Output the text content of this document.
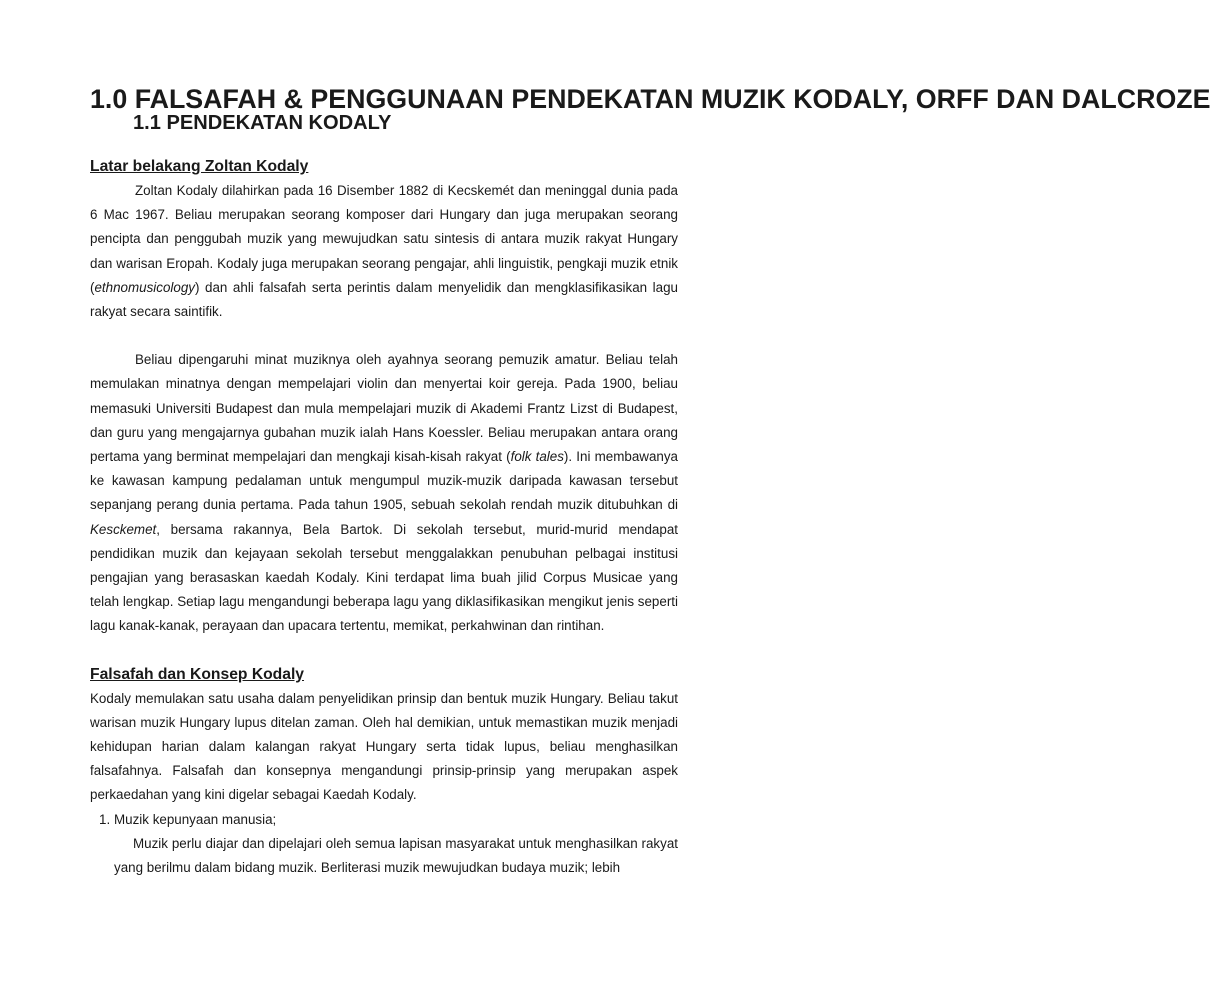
1.0 FALSAFAH & PENGGUNAAN PENDEKATAN MUZIK KODALY, ORFF DAN DALCROZE
1.1 PENDEKATAN KODALY
Latar belakang Zoltan Kodaly

Zoltan Kodaly dilahirkan pada 16 Disember 1882 di Kecskemét dan meninggal dunia pada 6 Mac 1967. Beliau merupakan seorang komposer dari Hungary dan juga merupakan seorang pencipta dan penggubah muzik yang mewujudkan satu sintesis di antara muzik rakyat Hungary dan warisan Eropah. Kodaly juga merupakan seorang pengajar, ahli linguistik, pengkaji muzik etnik (ethnomusicology) dan ahli falsafah serta perintis dalam menyelidik dan mengklasifikasikan lagu rakyat secara saintifik.

Beliau dipengaruhi minat muziknya oleh ayahnya seorang pemuzik amatur. Beliau telah memulakan minatnya dengan mempelajari violin dan menyertai koir gereja. Pada 1900, beliau memasuki Universiti Budapest dan mula mempelajari muzik di Akademi Frantz Lizst di Budapest, dan guru yang mengajarnya gubahan muzik ialah Hans Koessler. Beliau merupakan antara orang pertama yang berminat mempelajari dan mengkaji kisah-kisah rakyat (folk tales). Ini membawanya ke kawasan kampung pedalaman untuk mengumpul muzik-muzik daripada kawasan tersebut sepanjang perang dunia pertama. Pada tahun 1905, sebuah sekolah rendah muzik ditubuhkan di Kesckemet, bersama rakannya, Bela Bartok. Di sekolah tersebut, murid-murid mendapat pendidikan muzik dan kejayaan sekolah tersebut menggalakkan penubuhan pelbagai institusi pengajian yang berasaskan kaedah Kodaly. Kini terdapat lima buah jilid Corpus Musicae yang telah lengkap. Setiap lagu mengandungi beberapa lagu yang diklasifikasikan mengikut jenis seperti lagu kanak-kanak, perayaan dan upacara tertentu, memikat, perkahwinan dan rintihan.

Falsafah dan Konsep Kodaly

Kodaly memulakan satu usaha dalam penyelidikan prinsip dan bentuk muzik Hungary. Beliau takut warisan muzik Hungary lupus ditelan zaman. Oleh hal demikian, untuk memastikan muzik menjadi kehidupan harian dalam kalangan rakyat Hungary serta tidak lupus, beliau menghasilkan falsafahnya. Falsafah dan konsepnya mengandungi prinsip-prinsip yang merupakan aspek perkaedahan yang kini digelar sebagai Kaedah Kodaly.

1. Muzik kepunyaan manusia;

Muzik perlu diajar dan dipelajari oleh semua lapisan masyarakat untuk menghasilkan rakyat yang berilmu dalam bidang muzik. Berliterasi muzik mewujudkan budaya muzik; lebih
